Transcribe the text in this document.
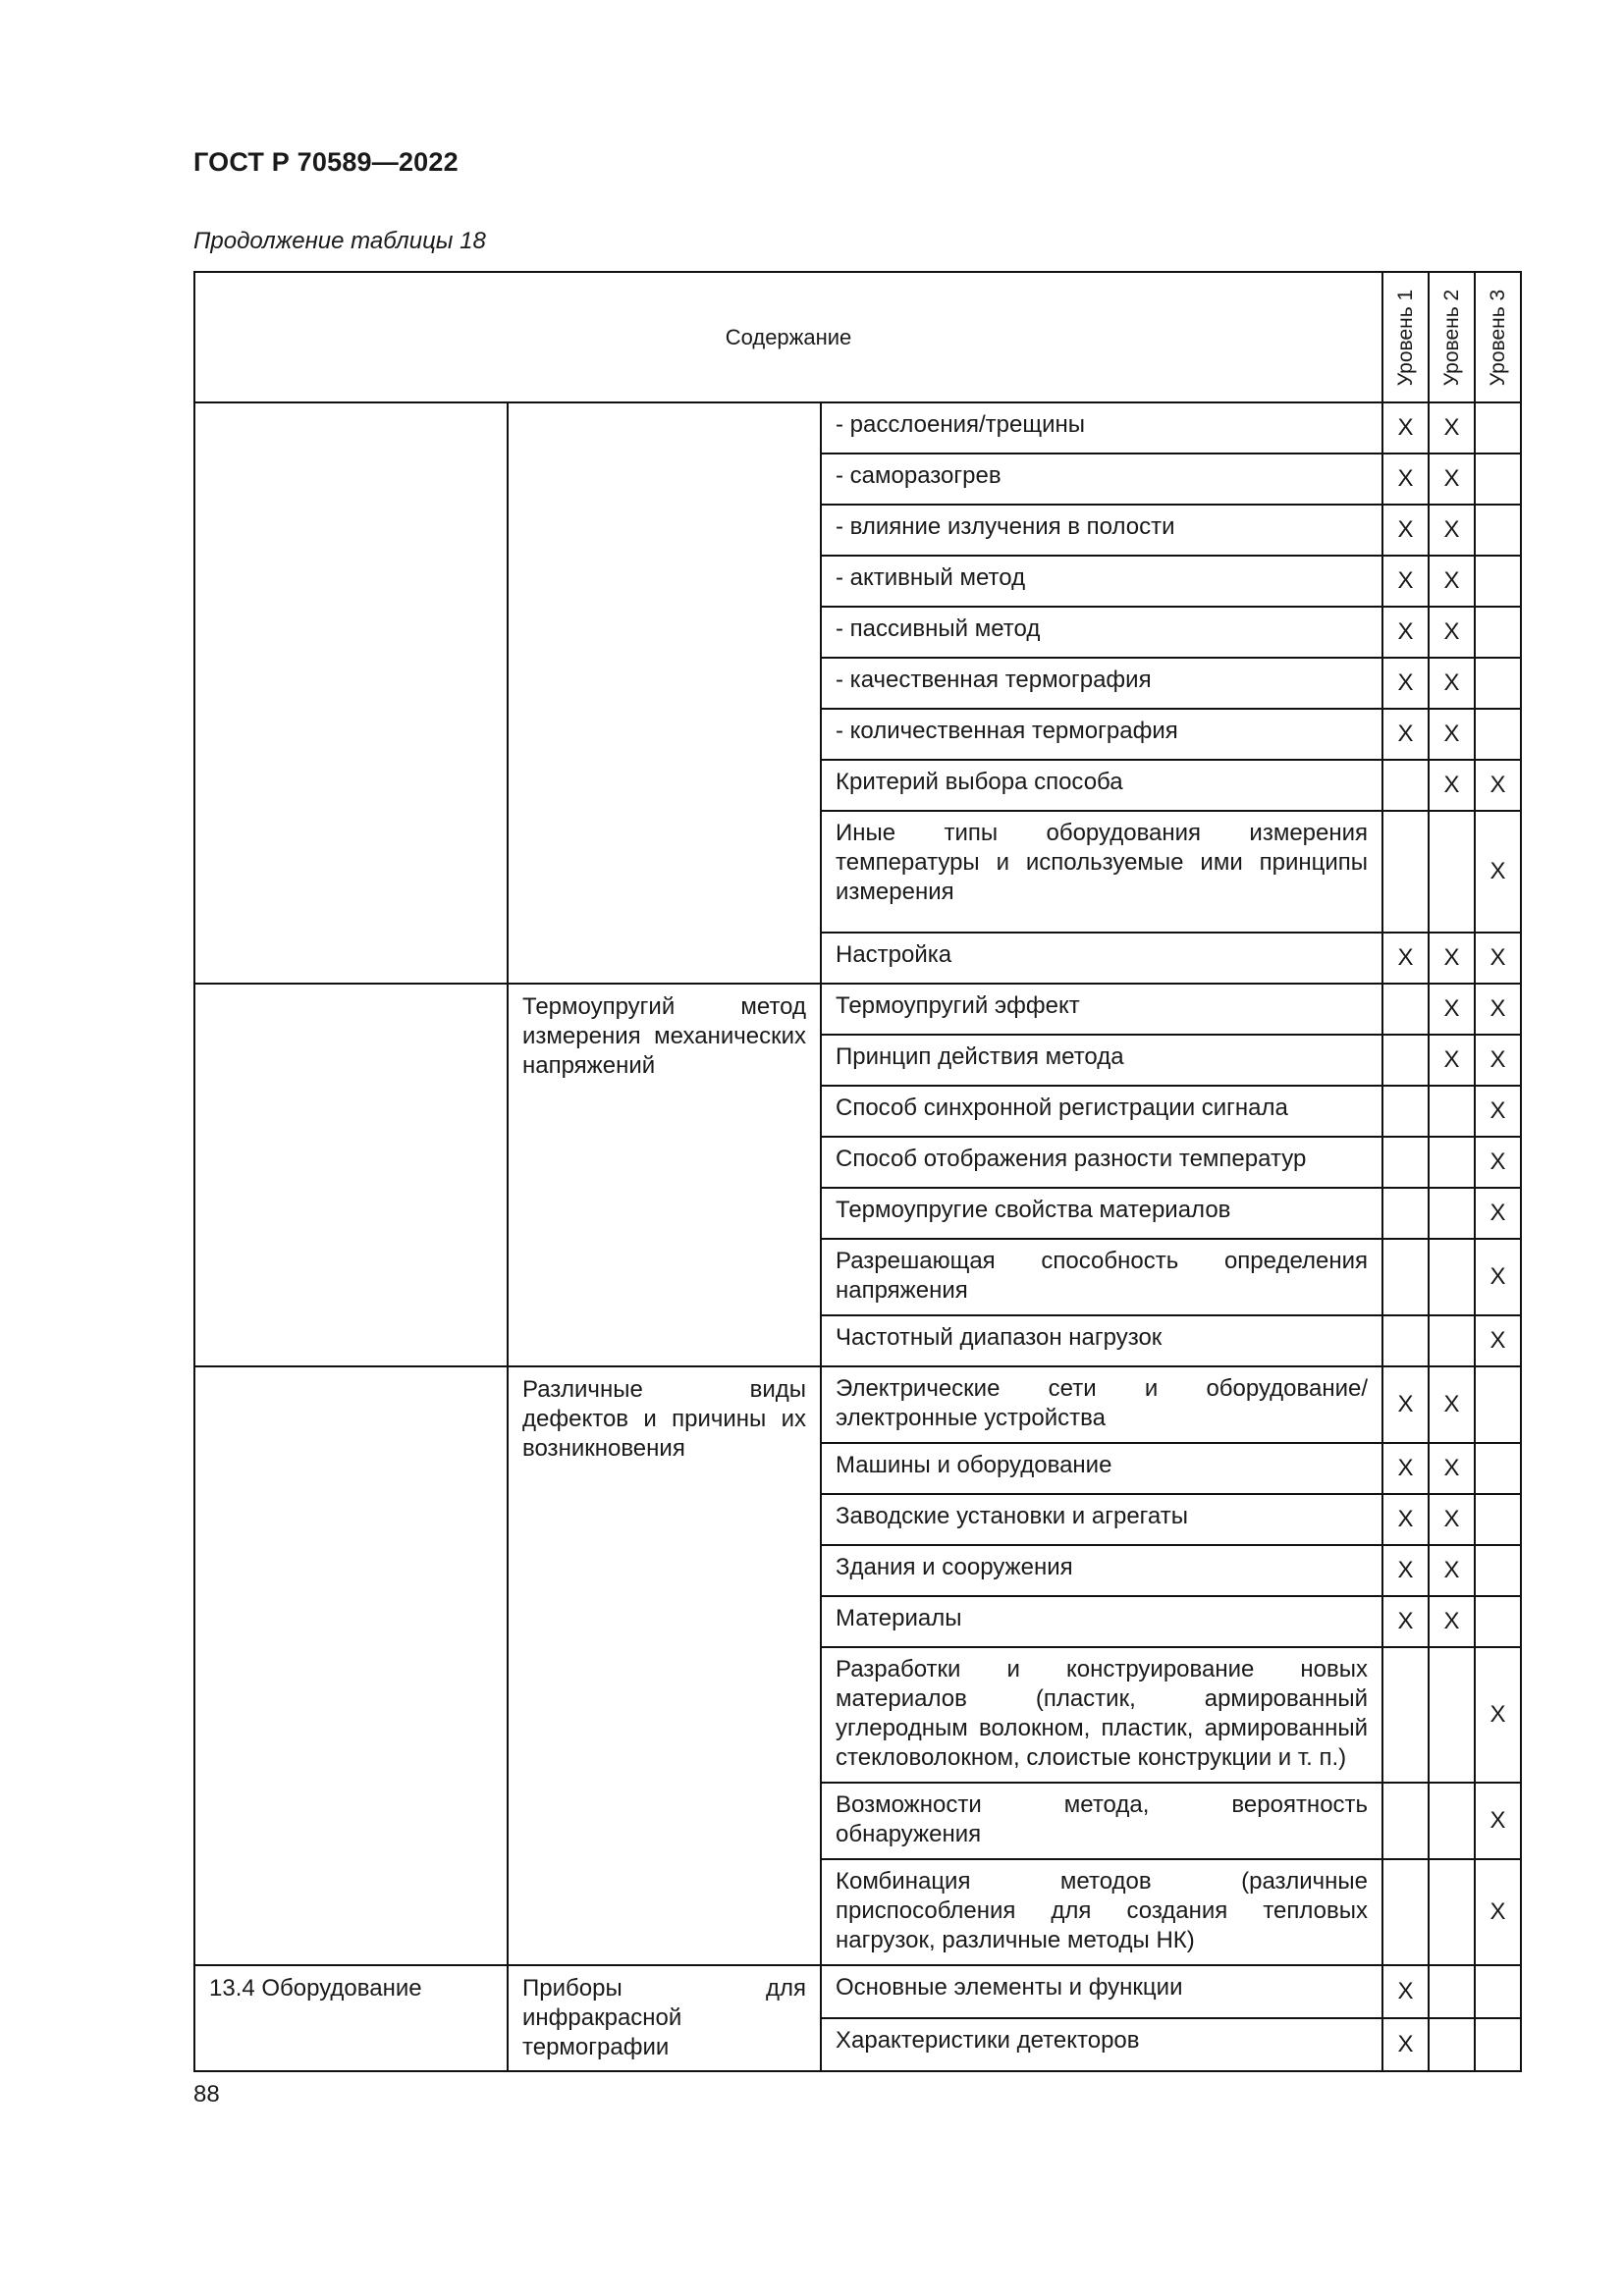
ГОСТ Р 70589—2022
Продолжение таблицы 18
Содержание			Уровень 1	Уровень 2	Уровень 3

		- расслоения/трещины	X	X	
		- саморазогрев	X	X	
		- влияние излучения в полости	X	X	
		- активный метод	X	X	
		- пассивный метод	X	X	
		- качественная термография	X	X	
		- количественная термография	X	X	
		Критерий выбора способа		X	X
		Иные типы оборудования измерения температуры и используемые ими принципы измерения			X
		Настройка	X	X	X
	Термоупругий метод измерения механических напряжений	Термоупругий эффект		X	X
		Принцип действия метода		X	X
		Способ синхронной регистрации сигнала			X
		Способ отображения разности температур			X
		Термоупругие свойства материалов			X
		Разрешающая способность определения напряжения			X
		Частотный диапазон нагрузок			X
	Различные виды дефектов и причины их возникновения	Электрические сети и оборудование/электронные устройства	X	X	
		Машины и оборудование	X	X	
		Заводские установки и агрегаты	X	X	
		Здания и сооружения	X	X	
		Материалы	X	X	
		Разработки и конструирование новых материалов (пластик, армированный углеродным волокном, пластик, армированный стекловолокном, слоистые конструкции и т. п.)			X
		Возможности метода, вероятность обнаружения			X
		Комбинация методов (различные приспособления для создания тепловых нагрузок, различные методы НК)			X
13.4 Оборудование	Приборы для инфракрасной термографии	Основные элементы и функции	X		
		Характеристики детекторов	X		
88
